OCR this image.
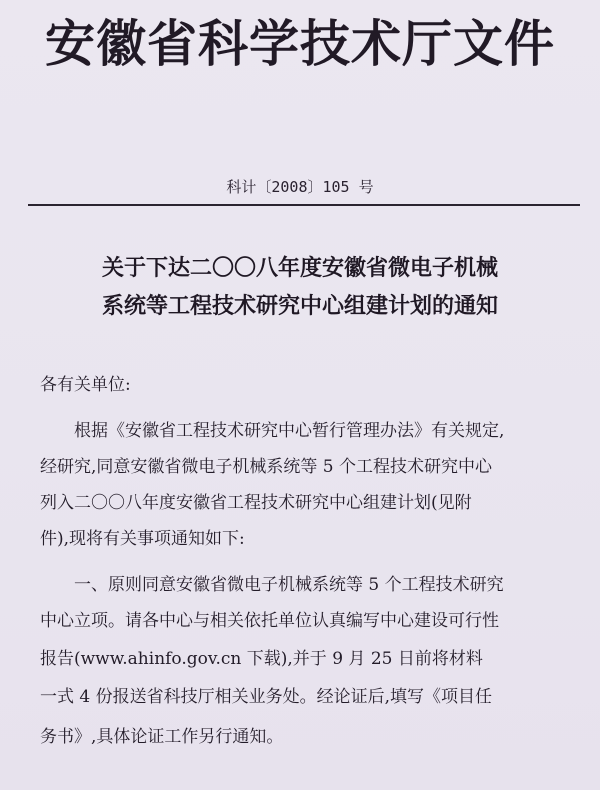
安徽省科学技术厅文件
科计〔2008〕105 号
关于下达二〇〇八年度安徽省微电子机械
系统等工程技术研究中心组建计划的通知
各有关单位:
根据《安徽省工程技术研究中心暂行管理办法》有关规定,
经研究,同意安徽省微电子机械系统等 5 个工程技术研究中心
列入二〇〇八年度安徽省工程技术研究中心组建计划(见附
件),现将有关事项通知如下:
一、原则同意安徽省微电子机械系统等 5 个工程技术研究
中心立项。请各中心与相关依托单位认真编写中心建设可行性
报告(www.ahinfo.gov.cn 下载),并于 9 月 25 日前将材料
一式 4 份报送省科技厅相关业务处。经论证后,填写《项目任
务书》,具体论证工作另行通知。
